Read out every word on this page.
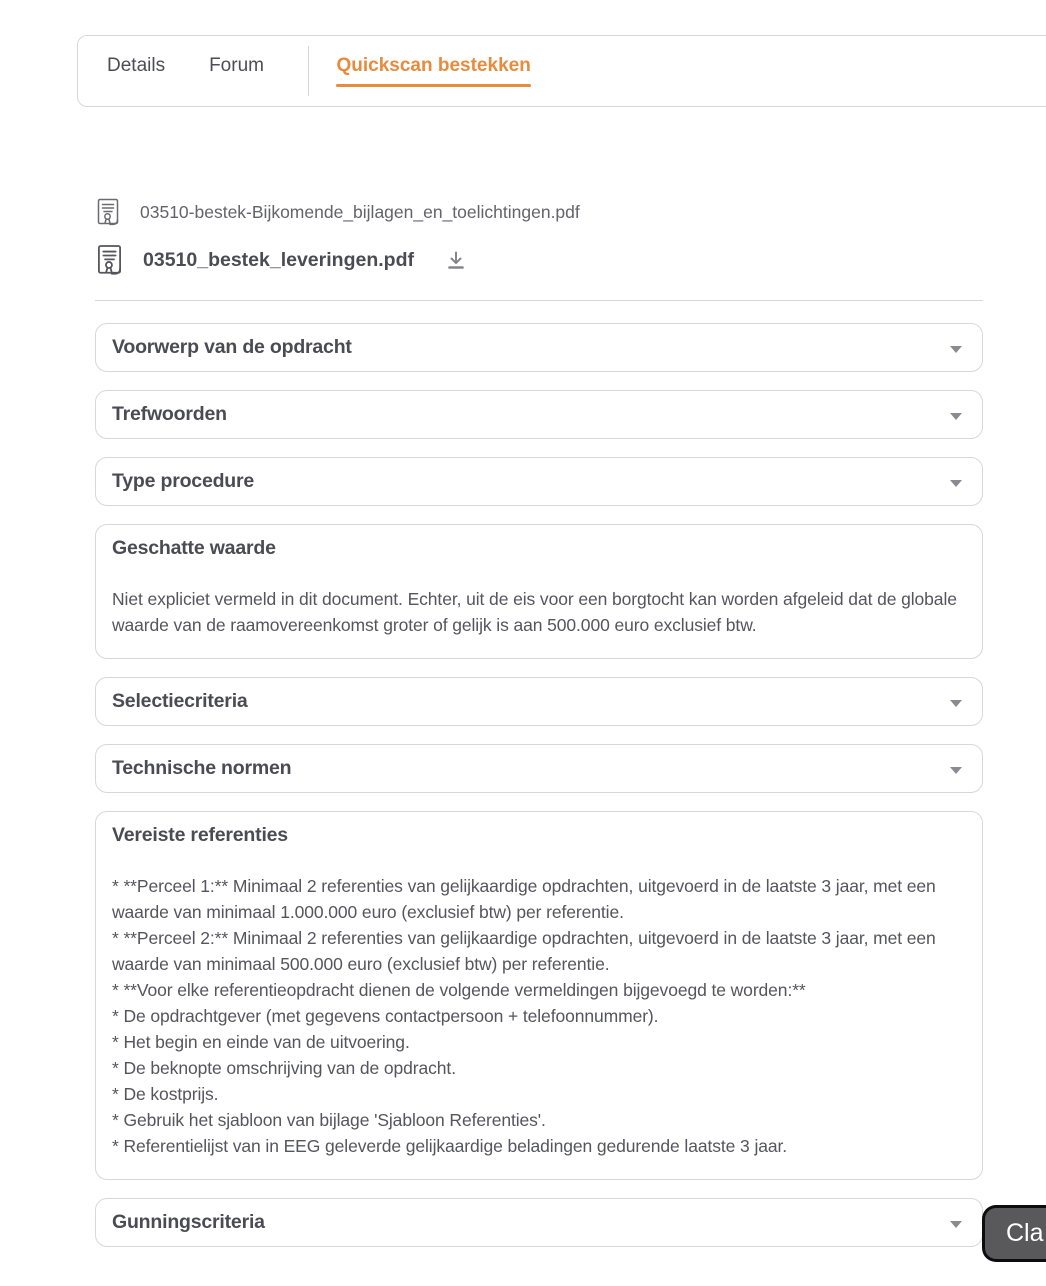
Details Forum	Quickscan bestekken
03510-bestek-Bijkomende_bijlagen_en_toelichtingen.pdf
03510_bestek_leveringen.pdf
Voorwerp van de opdracht
Trefwoorden
Type procedure
Geschatte waarde
Niet expliciet vermeld in dit document. Echter, uit de eis voor een borgtocht kan worden afgeleid dat de globale waarde van de raamovereenkomst groter of gelijk is aan 500.000 euro exclusief btw.
Selectiecriteria
Technische normen
Vereiste referenties
* **Perceel 1:** Minimaal 2 referenties van gelijkaardige opdrachten, uitgevoerd in de laatste 3 jaar, met een waarde van minimaal 1.000.000 euro (exclusief btw) per referentie.
* **Perceel 2:** Minimaal 2 referenties van gelijkaardige opdrachten, uitgevoerd in de laatste 3 jaar, met een waarde van minimaal 500.000 euro (exclusief btw) per referentie.
* **Voor elke referentieopdracht dienen de volgende vermeldingen bijgevoegd te worden:**
* De opdrachtgever (met gegevens contactpersoon + telefoonnummer).
* Het begin en einde van de uitvoering.
* De beknopte omschrijving van de opdracht.
* De kostprijs.
* Gebruik het sjabloon van bijlage 'Sjabloon Referenties'.
* Referentielijst van in EEG geleverde gelijkaardige beladingen gedurende laatste 3 jaar.
Gunningscriteria	Cla
